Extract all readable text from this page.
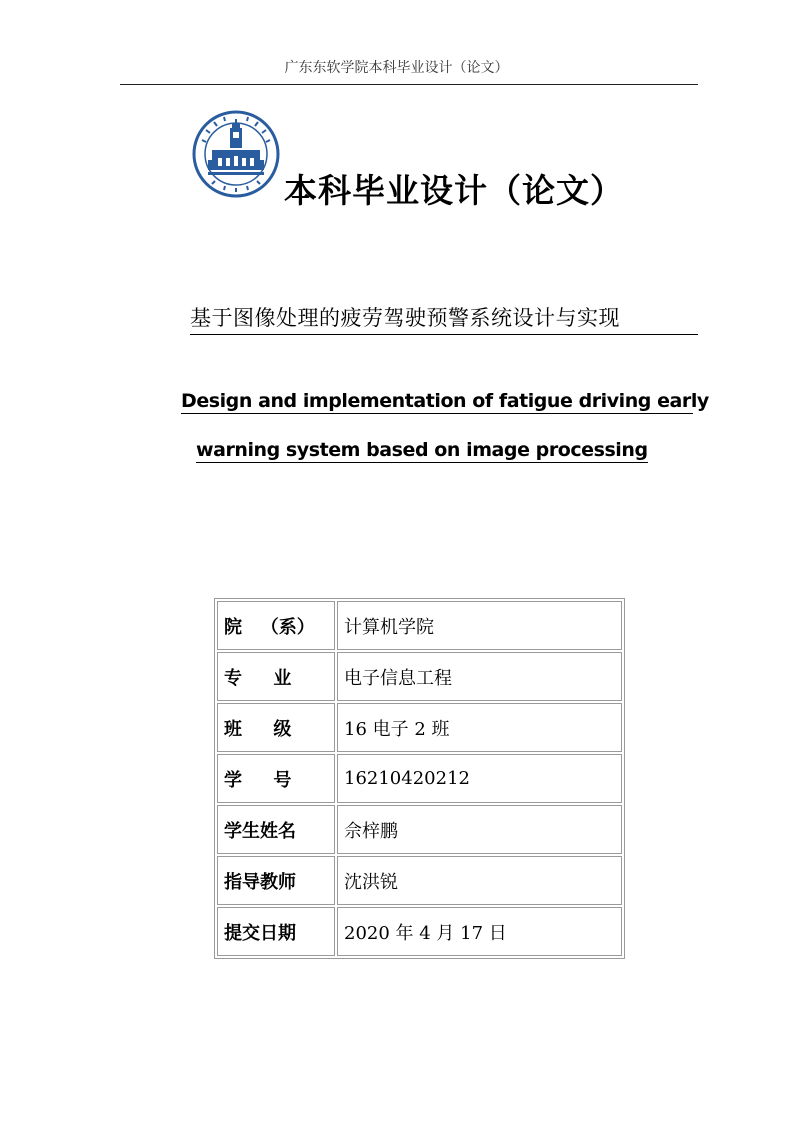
广东东软学院本科毕业设计（论文）
本科毕业设计（论文）
基于图像处理的疲劳驾驶预警系统设计与实现
Design and implementation of fatigue driving early
warning system based on image processing
院   （系）	计算机学院
专     业	电子信息工程
班     级	16 电子 2 班
学     号	16210420212
学生姓名	佘梓鹏
指导教师	沈洪锐
提交日期	2020 年 4 月 17 日
